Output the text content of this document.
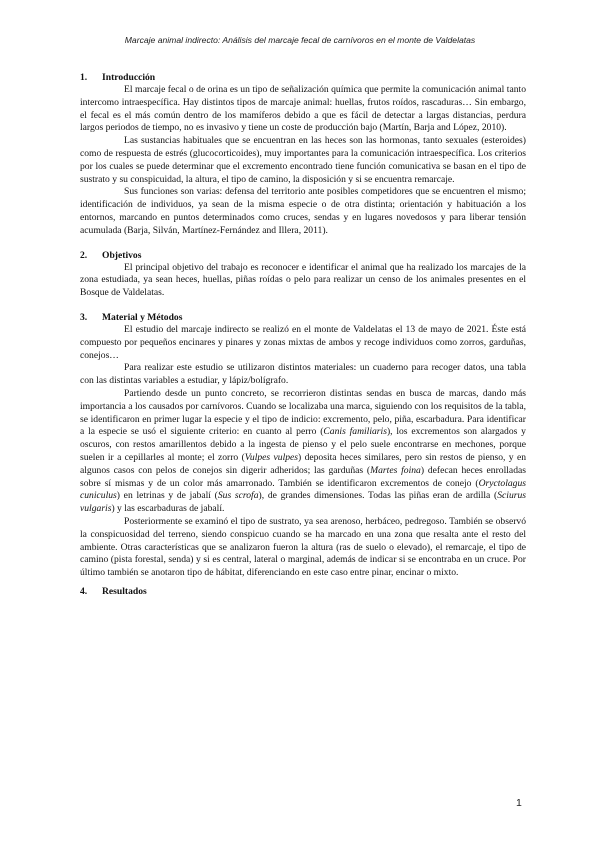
Marcaje animal indirecto: Análisis del marcaje fecal de carnívoros en el monte de Valdelatas
1.	Introducción

El marcaje fecal o de orina es un tipo de señalización química que permite la comunicación animal tanto intercomo intraespecífica. Hay distintos tipos de marcaje animal: huellas, frutos roídos, rascaduras… Sin embargo, el fecal es el más común dentro de los mamíferos debido a que es fácil de detectar a largas distancias, perdura largos periodos de tiempo, no es invasivo y tiene un coste de producción bajo (Martín, Barja and López, 2010).

Las sustancias habituales que se encuentran en las heces son las hormonas, tanto sexuales (esteroides) como de respuesta de estrés (glucocorticoides), muy importantes para la comunicación intraespecífica. Los criterios por los cuales se puede determinar que el excremento encontrado tiene función comunicativa se basan en el tipo de sustrato y su conspicuidad, la altura, el tipo de camino, la disposición y si se encuentra remarcaje.

Sus funciones son varias: defensa del territorio ante posibles competidores que se encuentren el mismo; identificación de individuos, ya sean de la misma especie o de otra distinta; orientación y habituación a los entornos, marcando en puntos determinados como cruces, sendas y en lugares novedosos y para liberar tensión acumulada (Barja, Silván, Martínez-Fernández and Illera, 2011).

2.	Objetivos

El principal objetivo del trabajo es reconocer e identificar el animal que ha realizado los marcajes de la zona estudiada, ya sean heces, huellas, piñas roídas o pelo para realizar un censo de los animales presentes en el Bosque de Valdelatas.

3.	Material y Métodos

El estudio del marcaje indirecto se realizó en el monte de Valdelatas el 13 de mayo de 2021. Éste está compuesto por pequeños encinares y pinares y zonas mixtas de ambos y recoge individuos como zorros, garduñas, conejos…

Para realizar este estudio se utilizaron distintos materiales: un cuaderno para recoger datos, una tabla con las distintas variables a estudiar, y lápiz/bolígrafo.

Partiendo desde un punto concreto, se recorrieron distintas sendas en busca de marcas, dando más importancia a los causados por carnívoros. Cuando se localizaba una marca, siguiendo con los requisitos de la tabla, se identificaron en primer lugar la especie y el tipo de indicio: excremento, pelo, piña, escarbadura. Para identificar a la especie se usó el siguiente criterio: en cuanto al perro (Canis familiaris), los excrementos son alargados y oscuros, con restos amarillentos debido a la ingesta de pienso y el pelo suele encontrarse en mechones, porque suelen ir a cepillarles al monte; el zorro (Vulpes vulpes) deposita heces similares, pero sin restos de pienso, y en algunos casos con pelos de conejos sin digerir adheridos; las garduñas (Martes foina) defecan heces enrolladas sobre sí mismas y de un color más amarronado. También se identificaron excrementos de conejo (Oryctolagus cuniculus) en letrinas y de jabalí (Sus scrofa), de grandes dimensiones. Todas las piñas eran de ardilla (Sciurus vulgaris) y las escarbaduras de jabalí.

Posteriormente se examinó el tipo de sustrato, ya sea arenoso, herbáceo, pedregoso. También se observó la conspicuosidad del terreno, siendo conspicuo cuando se ha marcado en una zona que resalta ante el resto del ambiente. Otras características que se analizaron fueron la altura (ras de suelo o elevado), el remarcaje, el tipo de camino (pista forestal, senda) y si es central, lateral o marginal, además de indicar si se encontraba en un cruce. Por último también se anotaron tipo de hábitat, diferenciando en este caso entre pinar, encinar o mixto.

4.	Resultados
1
